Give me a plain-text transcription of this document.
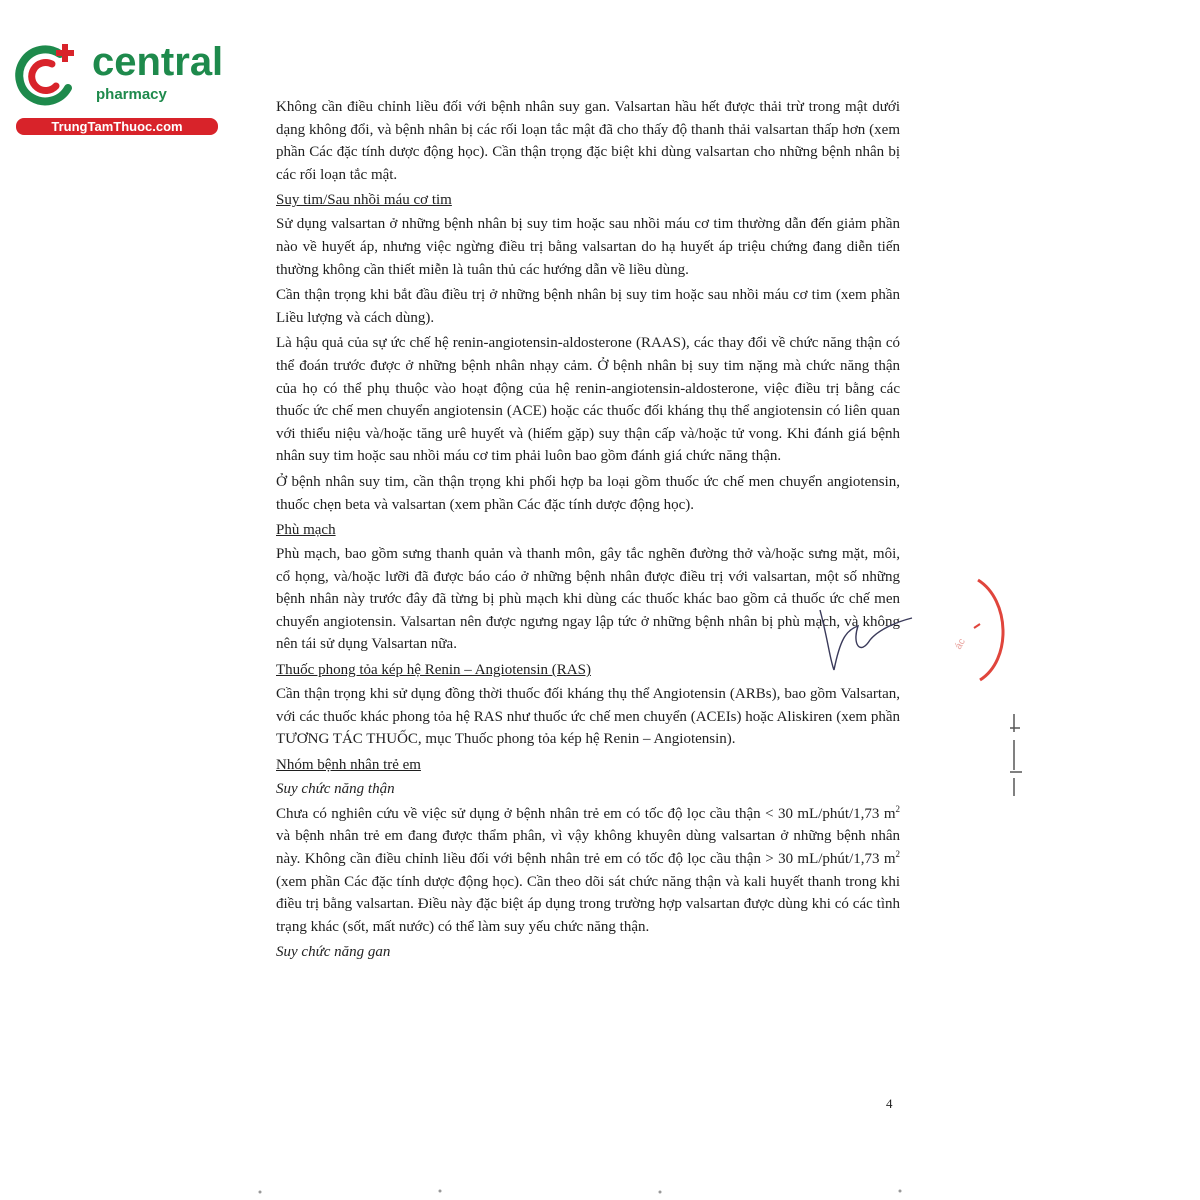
central
pharmacy
TrungTamThuoc.com

Không cần điều chỉnh liều đối với bệnh nhân suy gan. Valsartan hầu hết được thải trừ trong mật dưới dạng không đổi, và bệnh nhân bị các rối loạn tắc mật đã cho thấy độ thanh thải valsartan thấp hơn (xem phần Các đặc tính dược động học). Cần thận trọng đặc biệt khi dùng valsartan cho những bệnh nhân bị các rối loạn tắc mật.

Suy tim/Sau nhồi máu cơ tim

Sử dụng valsartan ở những bệnh nhân bị suy tim hoặc sau nhồi máu cơ tim thường dẫn đến giảm phần nào về huyết áp, nhưng việc ngừng điều trị bằng valsartan do hạ huyết áp triệu chứng đang diễn tiến thường không cần thiết miễn là tuân thủ các hướng dẫn về liều dùng.

Cần thận trọng khi bắt đầu điều trị ở những bệnh nhân bị suy tim hoặc sau nhồi máu cơ tim (xem phần Liều lượng và cách dùng).

Là hậu quả của sự ức chế hệ renin-angiotensin-aldosterone (RAAS), các thay đổi về chức năng thận có thể đoán trước được ở những bệnh nhân nhạy cảm. Ở bệnh nhân bị suy tim nặng mà chức năng thận của họ có thể phụ thuộc vào hoạt động của hệ renin-angiotensin-aldosterone, việc điều trị bằng các thuốc ức chế men chuyển angiotensin (ACE) hoặc các thuốc đối kháng thụ thể angiotensin có liên quan với thiểu niệu và/hoặc tăng urê huyết và (hiếm gặp) suy thận cấp và/hoặc tử vong. Khi đánh giá bệnh nhân suy tim hoặc sau nhồi máu cơ tim phải luôn bao gồm đánh giá chức năng thận.

Ở bệnh nhân suy tim, cần thận trọng khi phối hợp ba loại gồm thuốc ức chế men chuyển angiotensin, thuốc chẹn beta và valsartan (xem phần Các đặc tính dược động học).

Phù mạch

Phù mạch, bao gồm sưng thanh quản và thanh môn, gây tắc nghẽn đường thở và/hoặc sưng mặt, môi, cổ họng, và/hoặc lưỡi đã được báo cáo ở những bệnh nhân được điều trị với valsartan, một số những bệnh nhân này trước đây đã từng bị phù mạch khi dùng các thuốc khác bao gồm cả thuốc ức chế men chuyển angiotensin. Valsartan nên được ngưng ngay lập tức ở những bệnh nhân bị phù mạch, và không nên tái sử dụng Valsartan nữa.

Thuốc phong tỏa kép hệ Renin – Angiotensin (RAS)

Cần thận trọng khi sử dụng đồng thời thuốc đối kháng thụ thể Angiotensin (ARBs), bao gồm Valsartan, với các thuốc khác phong tỏa hệ RAS như thuốc ức chế men chuyển (ACEIs) hoặc Aliskiren (xem phần TƯƠNG TÁC THUỐC, mục Thuốc phong tỏa kép hệ Renin – Angiotensin).

Nhóm bệnh nhân trẻ em
Suy chức năng thận

Chưa có nghiên cứu về việc sử dụng ở bệnh nhân trẻ em có tốc độ lọc cầu thận < 30 mL/phút/1,73 $m^2$ và bệnh nhân trẻ em đang được thẩm phân, vì vậy không khuyên dùng valsartan ở những bệnh nhân này. Không cần điều chỉnh liều đối với bệnh nhân trẻ em có tốc độ lọc cầu thận > 30 mL/phút/1,73 $m^2$ (xem phần Các đặc tính dược động học). Cần theo dõi sát chức năng thận và kali huyết thanh trong khi điều trị bằng valsartan. Điều này đặc biệt áp dụng trong trường hợp valsartan được dùng khi có các tình trạng khác (sốt, mất nước) có thể làm suy yếu chức năng thận.

Suy chức năng gan
ác
4
